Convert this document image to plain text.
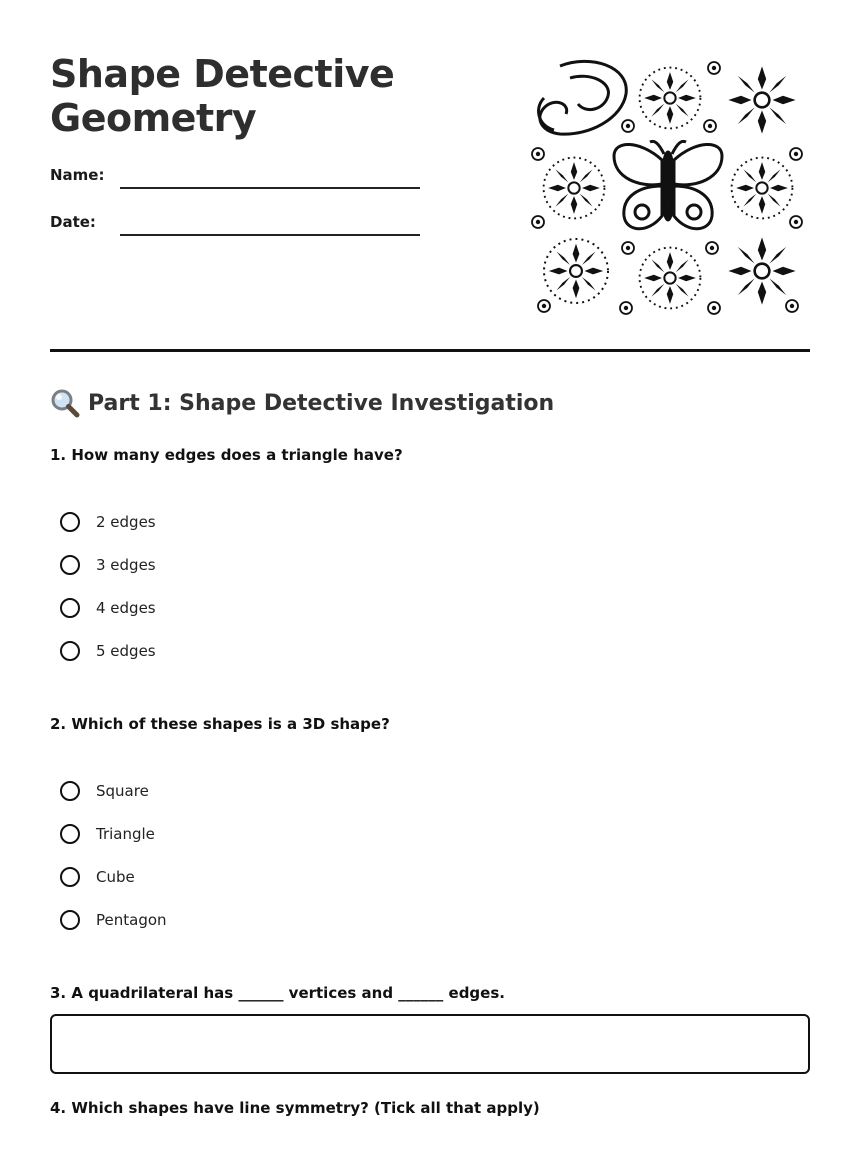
Shape Detective
Geometry
Name:
Date:
Part 1: Shape Detective Investigation
1. How many edges does a triangle have?
2 edges
3 edges
4 edges
5 edges
2. Which of these shapes is a 3D shape?
Square
Triangle
Cube
Pentagon
3. A quadrilateral has ______ vertices and ______ edges.
4. Which shapes have line symmetry? (Tick all that apply)
